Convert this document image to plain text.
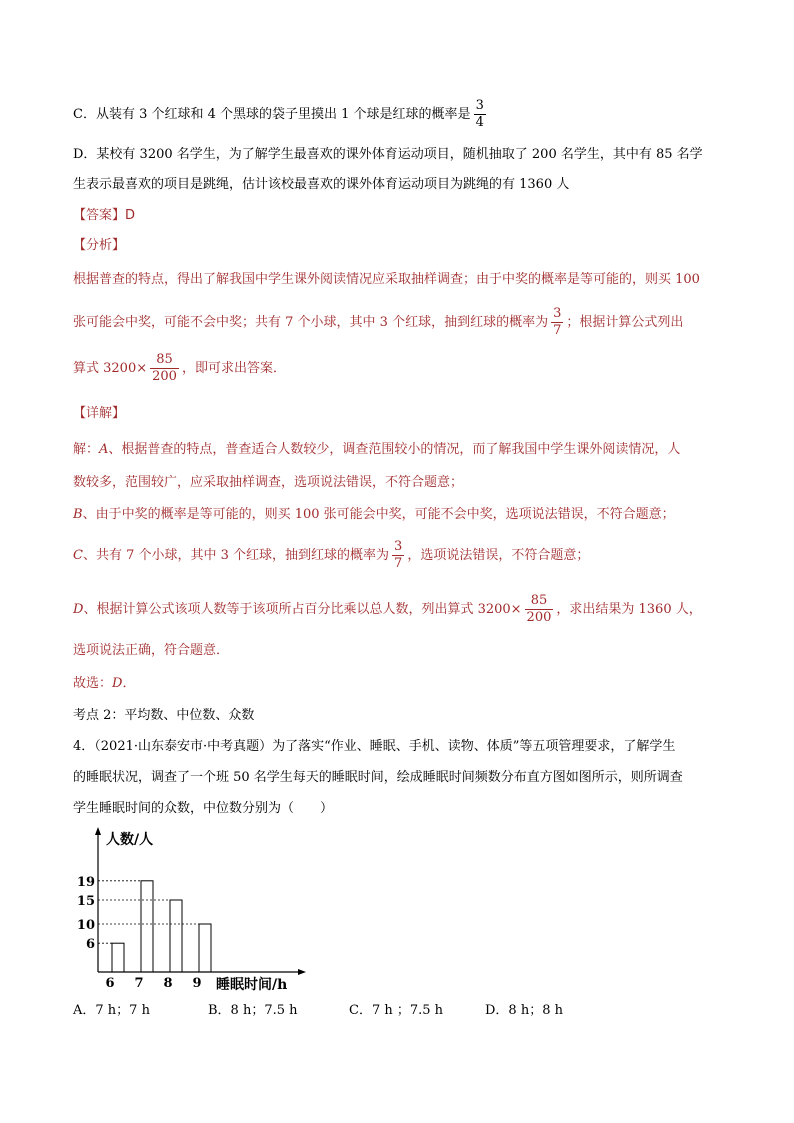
C．从装有 3 个红球和 4 个黑球的袋子里摸出 1 个球是红球的概率是 $\frac{3}{4}$
D．某校有 3200 名学生，为了解学生最喜欢的课外体育运动项目，随机抽取了 200 名学生，其中有 85 名学
生表示最喜欢的项目是跳绳，估计该校最喜欢的课外体育运动项目为跳绳的有 1360 人
【答案】D
【分析】
根据普查的特点，得出了解我国中学生课外阅读情况应采取抽样调查；由于中奖的概率是等可能的，则买 100
张可能会中奖，可能不会中奖；共有 7 个小球，其中 3 个红球，抽到红球的概率为 $\frac{3}{7}$ ；根据计算公式列出
算式 $3200\times \frac{85}{200}$ ，即可求出答案．
【详解】
解：A、根据普查的特点，普查适合人数较少，调查范围较小的情况，而了解我国中学生课外阅读情况，人
数较多，范围较广，应采取抽样调查，选项说法错误，不符合题意；
B、由于中奖的概率是等可能的，则买 100 张可能会中奖，可能不会中奖，选项说法错误，不符合题意；
C、共有 7 个小球，其中 3 个红球，抽到红球的概率为 $\frac{3}{7}$ ，选项说法错误，不符合题意；
D、根据计算公式该项人数等于该项所占百分比乘以总人数，列出算式 $3200\times \frac{85}{200}$ ，求出结果为 1360 人，
选项说法正确，符合题意．
故选：D．
考点 2：平均数、中位数、众数
4．（2021·山东泰安市·中考真题）为了落实“作业、睡眠、手机、读物、体质”等五项管理要求，了解学生
的睡眠状况，调查了一个班 50 名学生每天的睡眠时间，绘成睡眠时间频数分布直方图如图所示，则所调查
学生睡眠时间的众数，中位数分别为（　　）
6 7 8 9
6
10
15
19
人数/人
睡眠时间/h
A．7 h；7 h	B．8 h；7.5 h	C．7 h ；7.5 h	D．8 h；8 h
